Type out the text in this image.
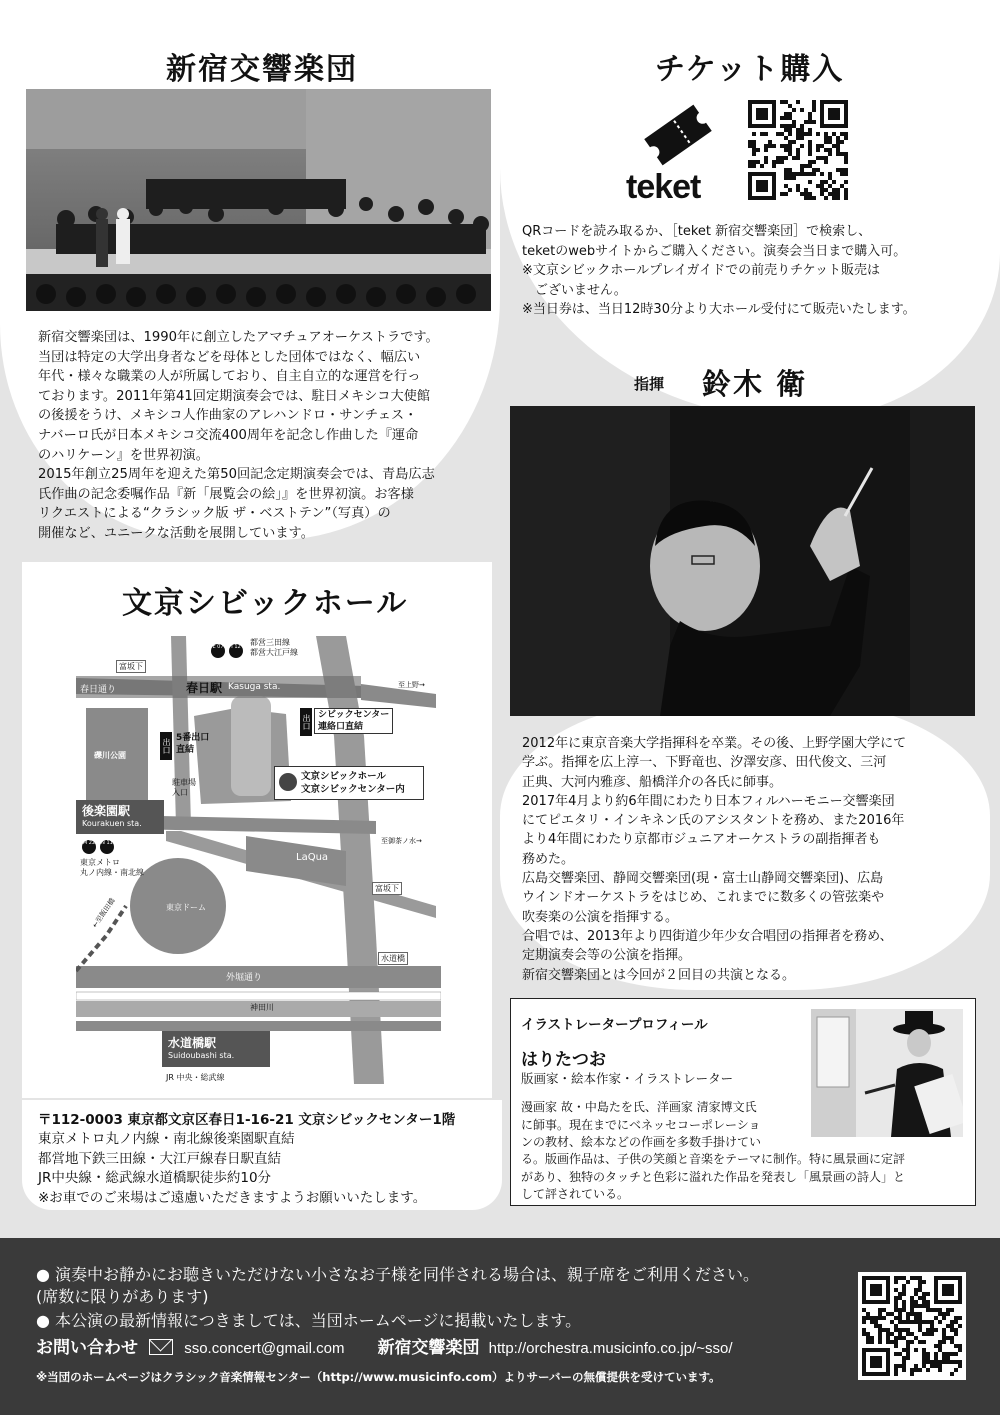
新宿交響楽団

新宿交響楽団は、1990年に創立したアマチュアオーケストラです。

当団は特定の大学出身者などを母体とした団体ではなく、幅広い

年代・様々な職業の人が所属しており、自主自立的な運営を行っ

ております。2011年第41回定期演奏会では、駐日メキシコ大使館

の後援をうけ、メキシコ人作曲家のアレハンドロ・サンチェス・

ナバーロ氏が日本メキシコ交流400周年を記念し作曲した『運命

のハリケーン』を世界初演。

2015年創立25周年を迎えた第50回記念定期演奏会では、青島広志

氏作曲の記念委嘱作品『新「展覧会の絵」』を世界初演。お客様

リクエストによる“クラシック版 ザ・ベストテン”（写真）の

開催など、ユニークな活動を展開しています。

チケット購入
teket

QRコードを読み取るか、［teket 新宿交響楽団］で検索し、

teketのwebサイトからご購入ください。演奏会当日まで購入可。

※文京シビックホールプレイガイドでの前売りチケット販売は

　ございません。

※当日券は、当日12時30分より大ホール受付にて販売いたします。

指揮 鈴木 衛

2012年に東京音楽大学指揮科を卒業。その後、上野学園大学にて

学ぶ。指揮を広上淳一、下野竜也、汐澤安彦、田代俊文、三河

正典、大河内雅彦、船橋洋介の各氏に師事。

2017年4月より約6年間にわたり日本フィルハーモニー交響楽団

にてピエタリ・インキネン氏のアシスタントを務め、また2016年

より4年間にわたり京都市ジュニアオーケストラの副指揮者も

務めた。

広島交響楽団、静岡交響楽団(現・富士山静岡交響楽団)、広島

ウインドオーケストラをはじめ、これまでに数多くの管弦楽や

吹奏楽の公演を指揮する。

合唱では、2013年より四街道少年少女合唱団の指揮者を務め、

定期演奏会等の公演を指揮。

新宿交響楽団とは今回が２回目の共演となる。

文京シビックホール
都営三田線
都営大江戸線
E 07	I 12
富坂下
春日通り	春日駅 Kasuga sta.	至上野→
出口 5番出口
直結
礫川公園
出口 シビックセンター
連絡口直結
駐車場
入口
文京シビックホール
文京シビックセンター内
後楽園駅
Kourakuen sta.
M 22 N 11
東京メトロ
丸ノ内線・南北線
LaQua
至御茶ノ水→
東京ドーム
←至飯田橋
富坂下
水道橋
外堀通り
神田川
水道橋駅
Suidoubashi sta.
JR 中央・総武線
〒112-0003 東京都文京区春日1-16-21 文京シビックセンター1階

東京メトロ丸ノ内線・南北線後楽園駅直結

都営地下鉄三田線・大江戸線春日駅直結

JR中央線・総武線水道橋駅徒歩約10分

※お車でのご来場はご遠慮いただきますようお願いいたします。

イラストレータープロフィール
はりたつお
版画家・絵本作家・イラストレーター

漫画家 故・中島たを氏、洋画家 清家博文氏

に師事。現在までにベネッセコーポレーショ

ンの教材、絵本などの作画を多数手掛けてい

る。版画作品は、子供の笑顔と音楽をテーマに制作。特に風景画に定評

があり、独特のタッチと色彩に溢れた作品を発表し「風景画の詩人」と

して評されている。

● 演奏中お静かにお聴きいただけない小さなお子様を同伴される場合は、親子席をご利用ください。
(席数に限りがあります)
● 本公演の最新情報につきましては、当団ホームページに掲載いたします。
お問い合わせ	sso.concert@gmail.com 新宿交響楽団 http://orchestra.musicinfo.co.jp/~sso/
※当団のホームページはクラシック音楽情報センター（http://www.musicinfo.com）よりサーバーの無償提供を受けています。
